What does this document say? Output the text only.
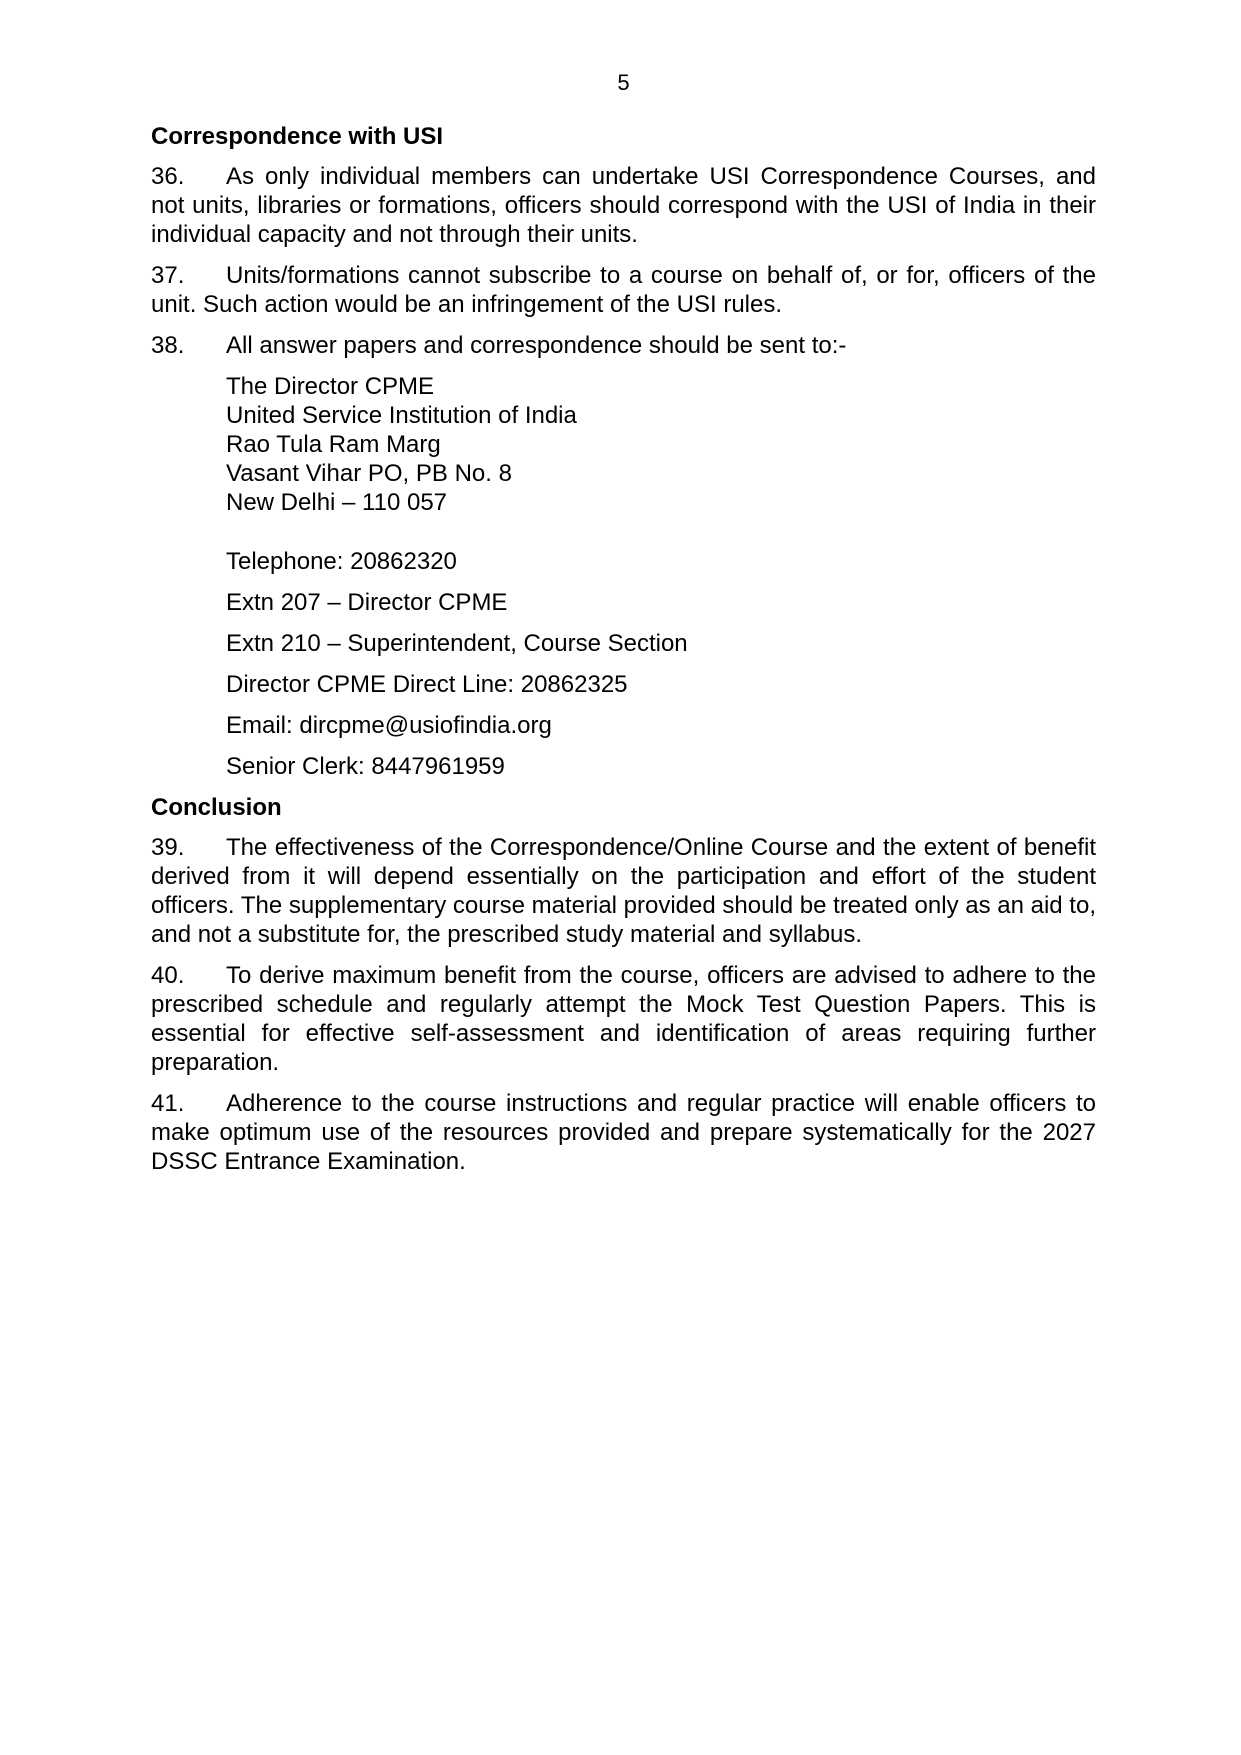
5
Correspondence with USI

36. As only individual members can undertake USI Correspondence Courses, and not units, libraries or formations, officers should correspond with the USI of India in their individual capacity and not through their units.

37. Units/formations cannot subscribe to a course on behalf of, or for, officers of the unit. Such action would be an infringement of the USI rules.

38. All answer papers and correspondence should be sent to:-

The Director CPME
United Service Institution of India
Rao Tula Ram Marg
Vasant Vihar PO, PB No. 8
New Delhi – 110 057
Telephone: 20862320
Extn 207 – Director CPME
Extn 210 – Superintendent, Course Section
Director CPME Direct Line: 20862325
Email: dircpme@usiofindia.org
Senior Clerk: 8447961959
Conclusion

39. The effectiveness of the Correspondence/Online Course and the extent of benefit derived from it will depend essentially on the participation and effort of the student officers. The supplementary course material provided should be treated only as an aid to, and not a substitute for, the prescribed study material and syllabus.

40. To derive maximum benefit from the course, officers are advised to adhere to the prescribed schedule and regularly attempt the Mock Test Question Papers. This is essential for effective self-assessment and identification of areas requiring further preparation.

41. Adherence to the course instructions and regular practice will enable officers to make optimum use of the resources provided and prepare systematically for the 2027 DSSC Entrance Examination.
